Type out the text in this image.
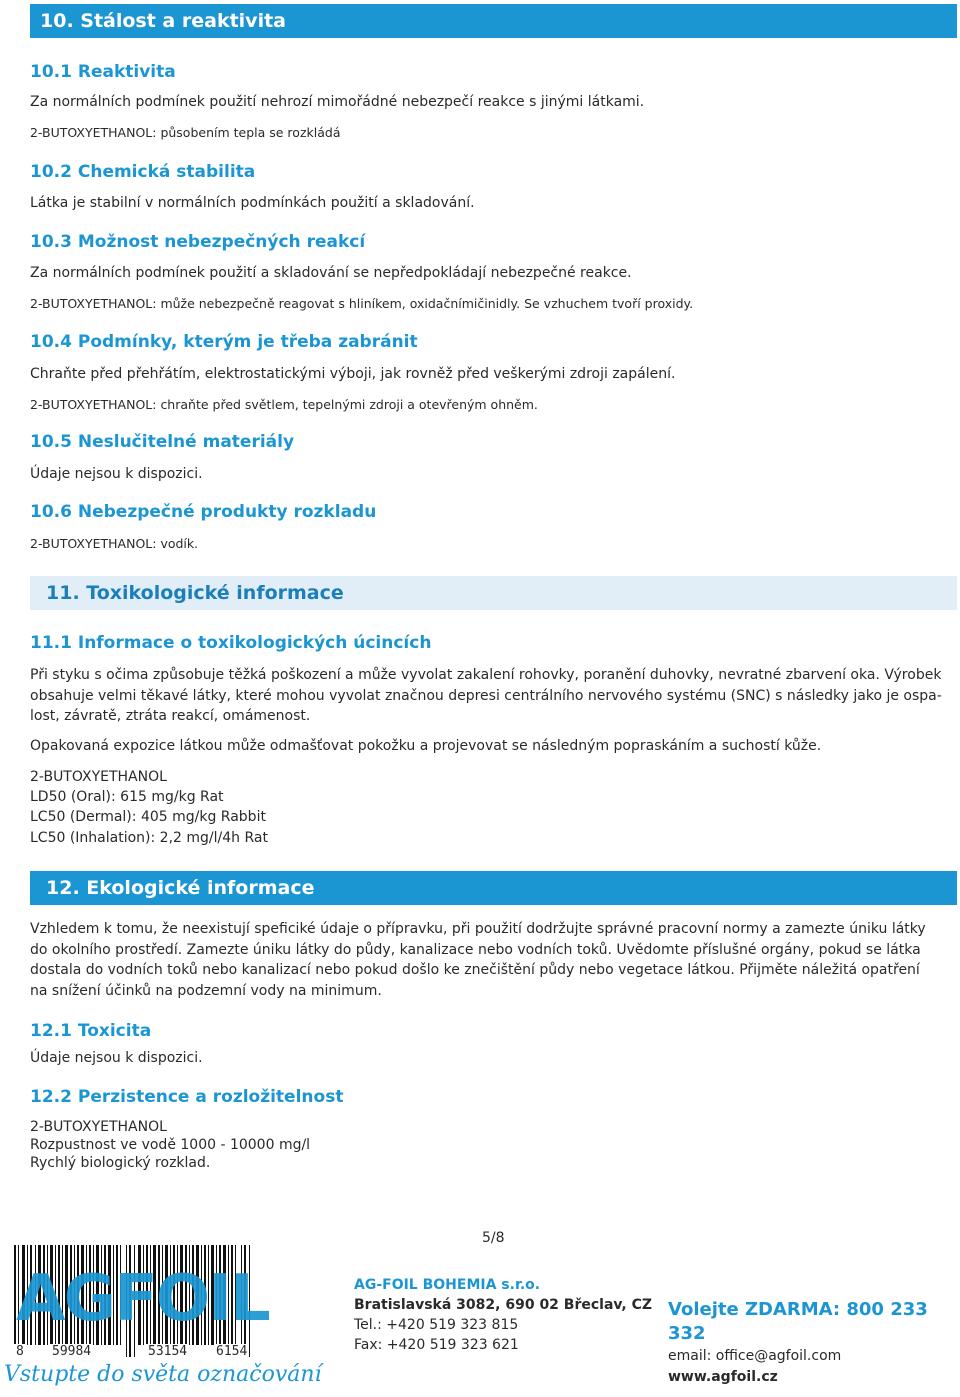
10. Stálost a reaktivita
10.1 Reaktivita
Za normálních podmínek použití nehrozí mimořádné nebezpečí reakce s jinými látkami.
2-BUTOXYETHANOL: působením tepla se rozkládá
10.2 Chemická stabilita
Látka je stabilní v normálních podmínkách použití a skladování.
10.3 Možnost nebezpečných reakcí
Za normálních podmínek použití a skladování se nepředpokládají nebezpečné reakce.
2-BUTOXYETHANOL: může nebezpečně reagovat s hliníkem, oxidačnímičinidly. Se vzhuchem tvoří proxidy.
10.4 Podmínky, kterým je třeba zabránit
Chraňte před přehřátím, elektrostatickými výboji, jak rovněž před veškerými zdroji zapálení.
2-BUTOXYETHANOL: chraňte před světlem, tepelnými zdroji a otevřeným ohněm.
10.5 Neslučitelné materiály
Údaje nejsou k dispozici.
10.6 Nebezpečné produkty rozkladu
2-BUTOXYETHANOL: vodík.
11. Toxikologické informace
11.1 Informace o toxikologických úcincích
Při styku s očima způsobuje těžká poškození a může vyvolat zakalení rohovky, poranění duhovky, nevratné zbarvení oka. Výrobek
obsahuje velmi těkavé látky, které mohou vyvolat značnou depresi centrálního nervového systému (SNC) s následky jako je ospa-
lost, závratě, ztráta reakcí, omámenost.
Opakovaná expozice látkou může odmašťovat pokožku a projevovat se následným popraskáním a suchostí kůže.
2-BUTOXYETHANOL
LD50 (Oral): 615 mg/kg Rat
LC50 (Dermal): 405 mg/kg Rabbit
LC50 (Inhalation): 2,2 mg/l/4h Rat
12. Ekologické informace
Vzhledem k tomu, že neexistují speficiké údaje o přípravku, při použití dodržujte správné pracovní normy a zamezte úniku látky
do okolního prostředí. Zamezte úniku látky do půdy, kanalizace nebo vodních toků. Uvědomte příslušné orgány, pokud se látka
dostala do vodních toků nebo kanalizací nebo pokud došlo ke znečištění půdy nebo vegetace látkou. Přijměte náležitá opatření
na snížení účinků na podzemní vody na minimum.
12.1 Toxicita
Údaje nejsou k dispozici.
12.2 Perzistence a rozložitelnost
2-BUTOXYETHANOL
Rozpustnost ve vodě 1000 - 10000 mg/l
Rychlý biologický rozklad.
5/8
AGFOIL
8 59984	53154 6154
Vstupte do světa označování
AG-FOIL BOHEMIA s.r.o.
Bratislavská 3082, 690 02 Břeclav, CZ
Tel.: +420 519 323 815
Fax: +420 519 323 621
Volejte ZDARMA: 800 233 332
email: office@agfoil.com
www.agfoil.cz
